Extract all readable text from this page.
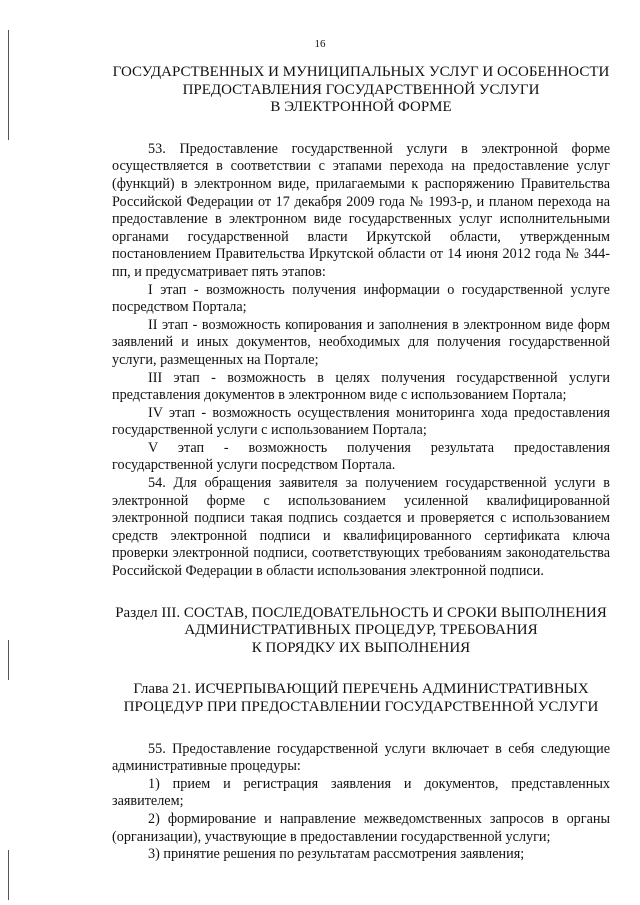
16
ГОСУДАРСТВЕННЫХ И МУНИЦИПАЛЬНЫХ УСЛУГ И ОСОБЕННОСТИ
ПРЕДОСТАВЛЕНИЯ ГОСУДАРСТВЕННОЙ УСЛУГИ
В ЭЛЕКТРОННОЙ ФОРМЕ
53. Предоставление государственной услуги в электронной форме осуществляется в соответствии с этапами перехода на предоставление услуг (функций) в электронном виде, прилагаемыми к распоряжению Правительства Российской Федерации от 17 декабря 2009 года № 1993-р, и планом перехода на предоставление в электронном виде государственных услуг исполнительными органами государственной власти Иркутской области, утвержденным постановлением Правительства Иркутской области от 14 июня 2012 года № 344-пп, и предусматривает пять этапов:
I этап - возможность получения информации о государственной услуге посредством Портала;
II этап - возможность копирования и заполнения в электронном виде форм заявлений и иных документов, необходимых для получения государственной услуги, размещенных на Портале;
III этап - возможность в целях получения государственной услуги представления документов в электронном виде с использованием Портала;
IV этап - возможность осуществления мониторинга хода предоставления государственной услуги с использованием Портала;
V этап - возможность получения результата предоставления государственной услуги посредством Портала.
54. Для обращения заявителя за получением государственной услуги в электронной форме с использованием усиленной квалифицированной электронной подписи такая подпись создается и проверяется с использованием средств электронной подписи и квалифицированного сертификата ключа проверки электронной подписи, соответствующих требованиям законодательства Российской Федерации в области использования электронной подписи.
Раздел III. СОСТАВ, ПОСЛЕДОВАТЕЛЬНОСТЬ И СРОКИ ВЫПОЛНЕНИЯ
АДМИНИСТРАТИВНЫХ ПРОЦЕДУР, ТРЕБОВАНИЯ
К ПОРЯДКУ ИХ ВЫПОЛНЕНИЯ
Глава 21. ИСЧЕРПЫВАЮЩИЙ ПЕРЕЧЕНЬ АДМИНИСТРАТИВНЫХ
ПРОЦЕДУР ПРИ ПРЕДОСТАВЛЕНИИ ГОСУДАРСТВЕННОЙ УСЛУГИ
55. Предоставление государственной услуги включает в себя следующие административные процедуры:
1) прием и регистрация заявления и документов, представленных заявителем;
2) формирование и направление межведомственных запросов в органы (организации), участвующие в предоставлении государственной услуги;
3) принятие решения по результатам рассмотрения заявления;
